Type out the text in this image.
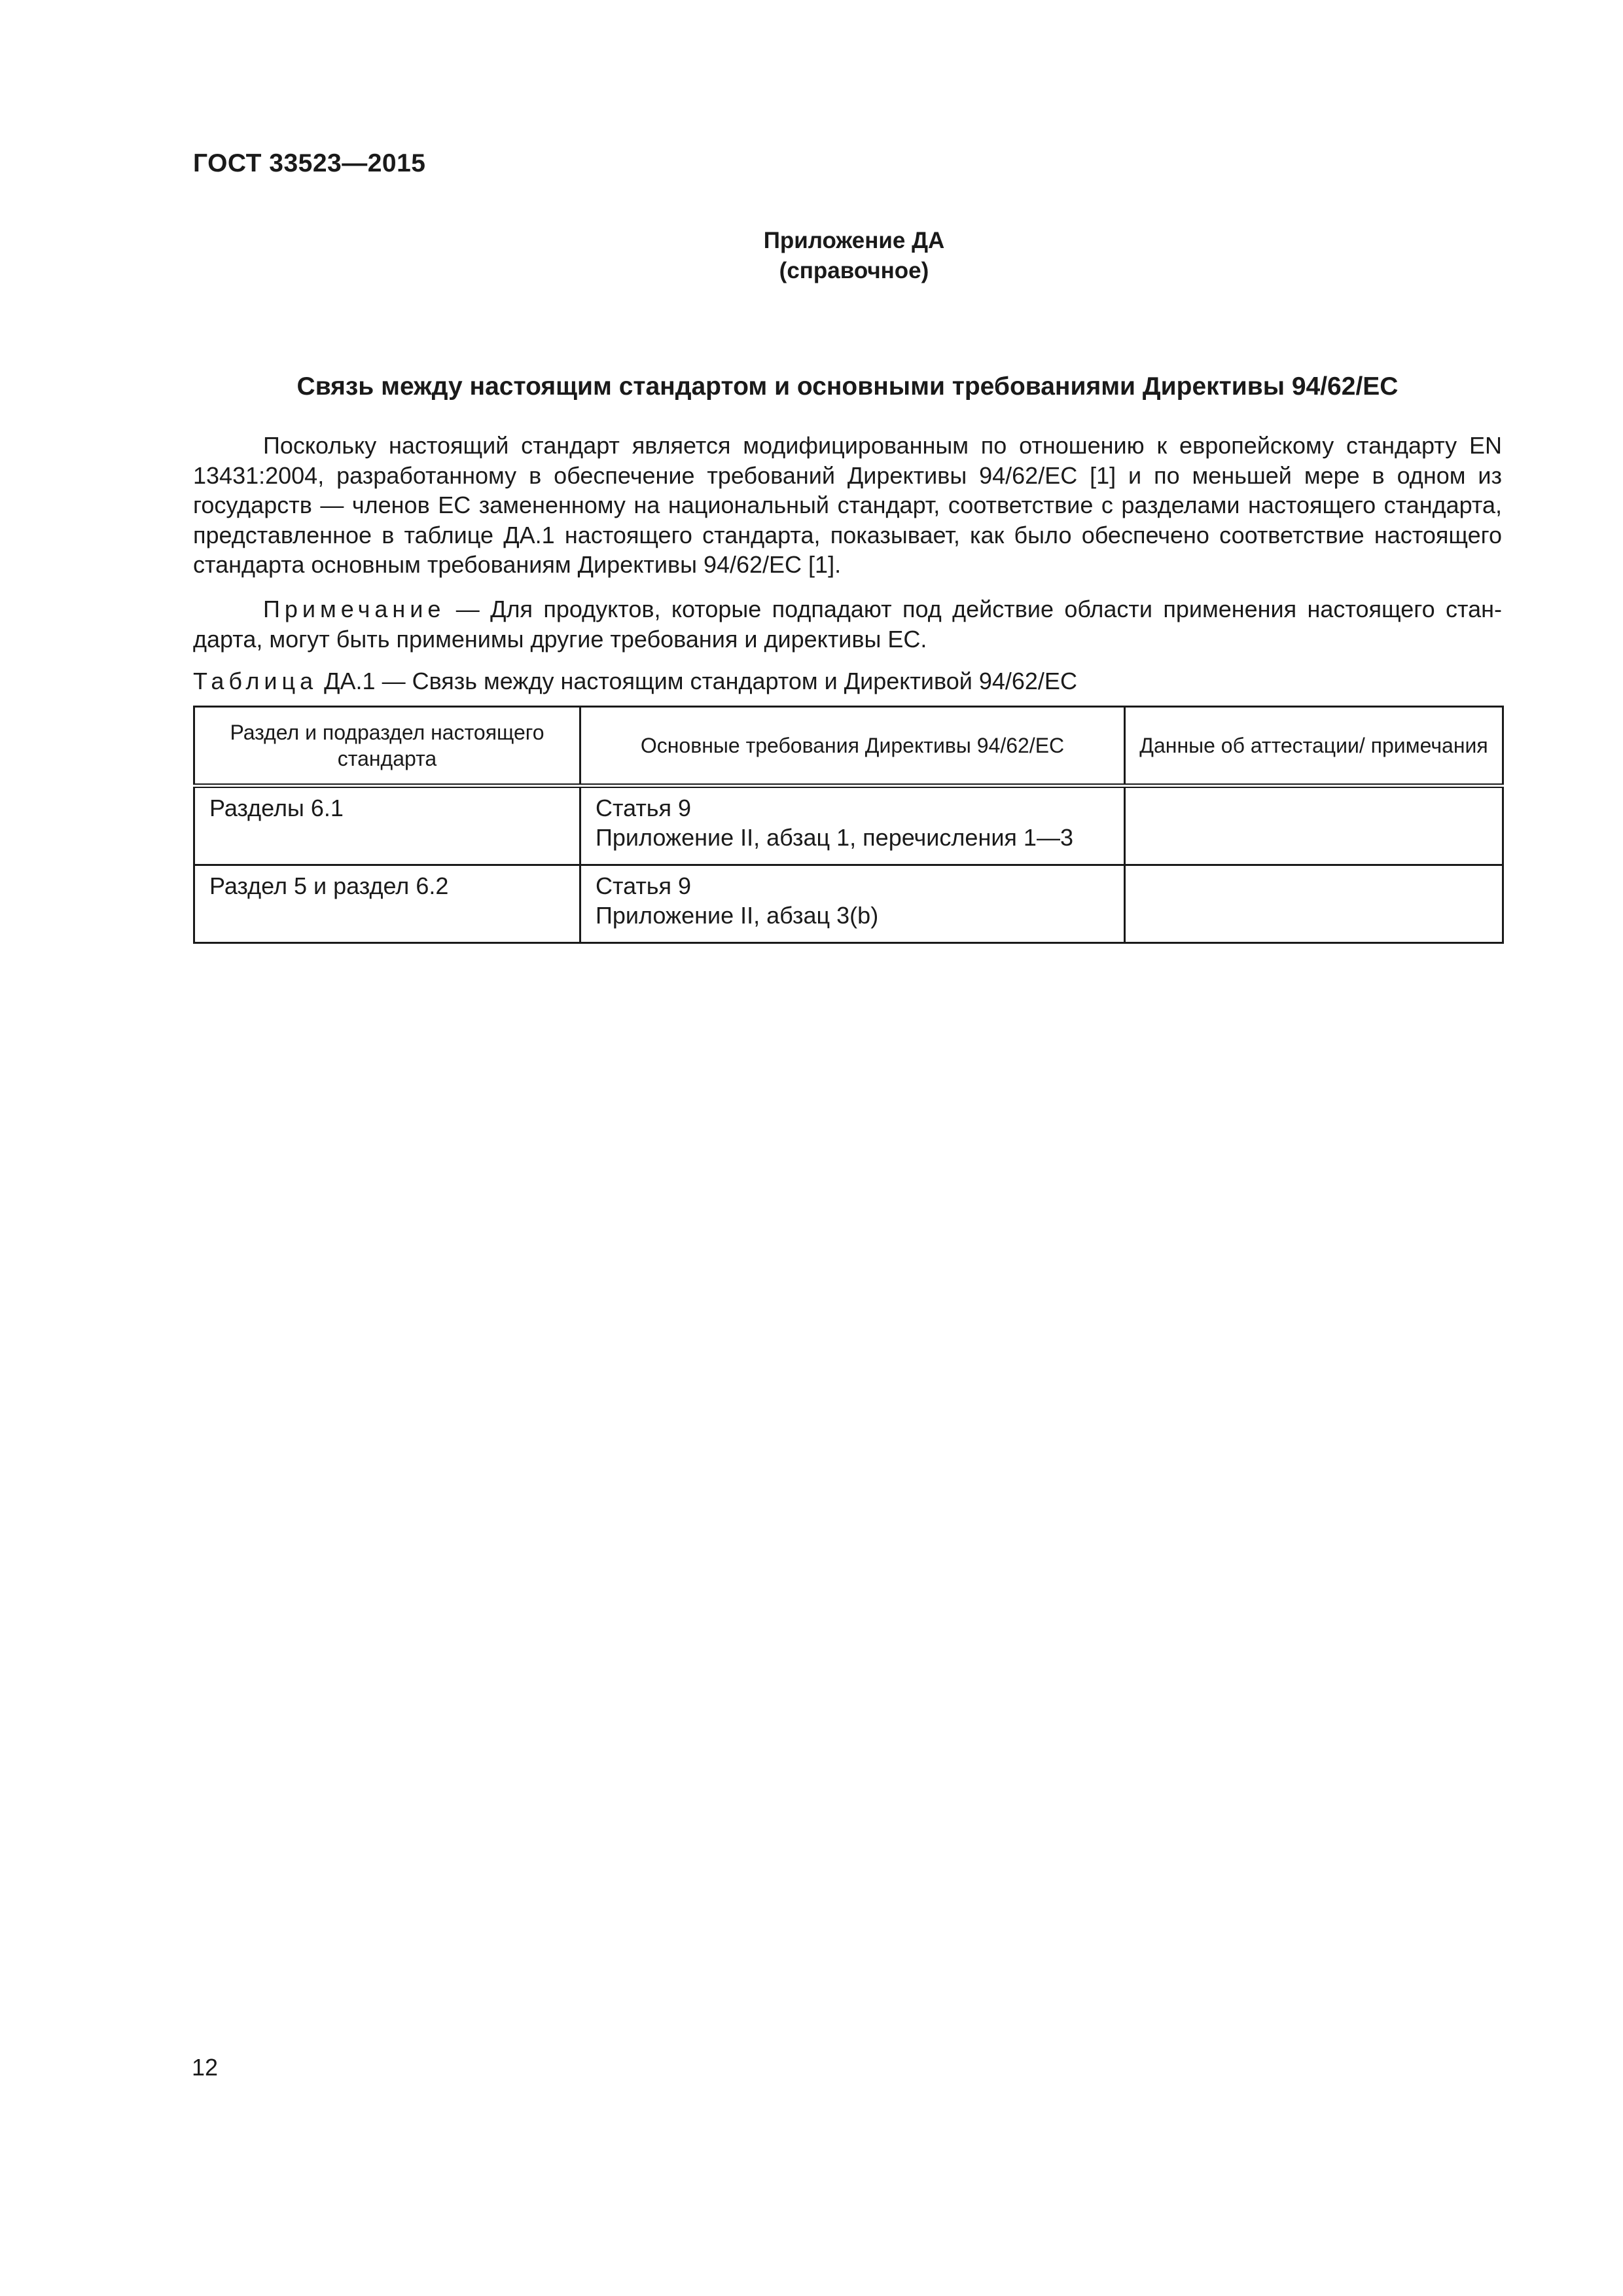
ГОСТ 33523—2015
Приложение ДА
(справочное)
Связь между настоящим стандартом и основными требованиями Директивы 94/62/EC

Поскольку настоящий стандарт является модифицированным по отношению к европейскому стандарту EN 13431:2004, разработанному в обеспечение требований Директивы 94/62/EC [1] и по меньшей мере в одном из государств — членов ЕС замененному на национальный стандарт, соответствие с разделами настоящего стандарта, представленное в таблице ДА.1 настоящего стандарта, показывает, как было обеспечено соответствие настоящего стандарта основным требованиям Директивы 94/62/EC [1].

Примечание — Для продуктов, которые подпадают под действие области применения настоящего стандарта, могут быть применимы другие требования и директивы ЕС.

Таблица ДА.1 — Связь между настоящим стандартом и Директивой 94/62/EC
Раздел и подраздел настоящего стандарта	Основные требования Директивы 94/62/EC	Данные об аттестации/ примечания
Разделы 6.1	Статья 9
Приложение II, абзац 1, перечисления 1—3	

Раздел 5 и раздел 6.2	Статья 9
Приложение II, абзац 3(b)	

12
